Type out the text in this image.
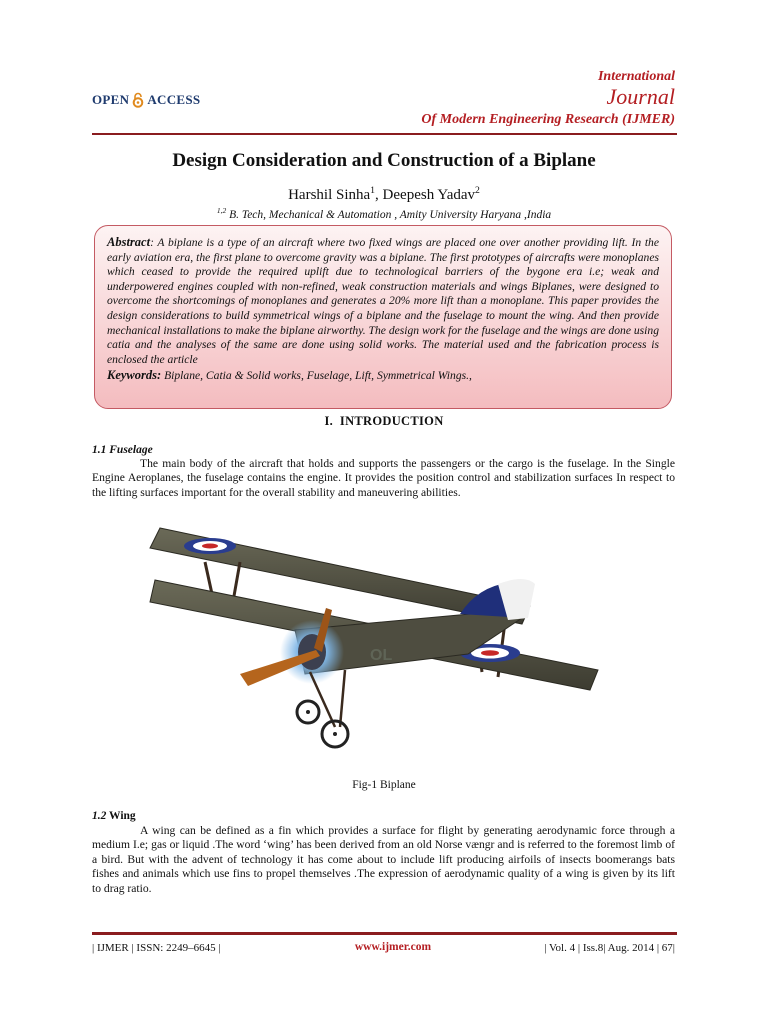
OPEN ACCESS
International
Journal
Of Modern Engineering Research (IJMER)
Design Consideration and Construction of a Biplane
Harshil Sinha$^1$, Deepesh Yadav$^2$
$^{1,2}$ B. Tech, Mechanical & Automation , Amity University Haryana ,India
Abstract: A biplane is a type of an aircraft where two fixed wings are placed one over another providing lift. In the early aviation era, the first plane to overcome gravity was a biplane. The first prototypes of aircrafts were monoplanes which ceased to provide the required uplift due to technological barriers of the bygone era i.e; weak and underpowered engines coupled with non-refined, weak construction materials and wings Biplanes, were designed to overcome the shortcomings of monoplanes and generates a 20% more lift than a monoplane. This paper provides the design considerations to build symmetrical wings of a biplane and the fuselage to mount the wing. And then provide mechanical installations to make the biplane airworthy. The design work for the fuselage and the wings are done using catia and the analyses of the same are done using solid works. The material used and the fabrication process is enclosed the article
Keywords: Biplane, Catia & Solid works, Fuselage, Lift, Symmetrical Wings.,
I. INTRODUCTION
1.1 Fuselage
The main body of the aircraft that holds and supports the passengers or the cargo is the fuselage. In the Single Engine Aeroplanes, the fuselage contains the engine. It provides the position control and stabilization surfaces In respect to the lifting surfaces important for the overall stability and maneuvering abilities.
OL
Fig-1 Biplane
1.2 Wing
A wing can be defined as a fin which provides a surface for flight by generating aerodynamic force through a medium I.e; gas or liquid .The word ‘wing’ has been derived from an old Norse vængr and is referred to the foremost limb of a bird. But with the advent of technology it has come about to include lift producing airfoils of insects boomerangs bats fishes and animals which use fins to propel themselves .The expression of aerodynamic quality of a wing is given by its lift to drag ratio.
| IJMER | ISSN: 2249–6645 |	www.ijmer.com	| Vol. 4 | Iss.8| Aug. 2014 | 67|
